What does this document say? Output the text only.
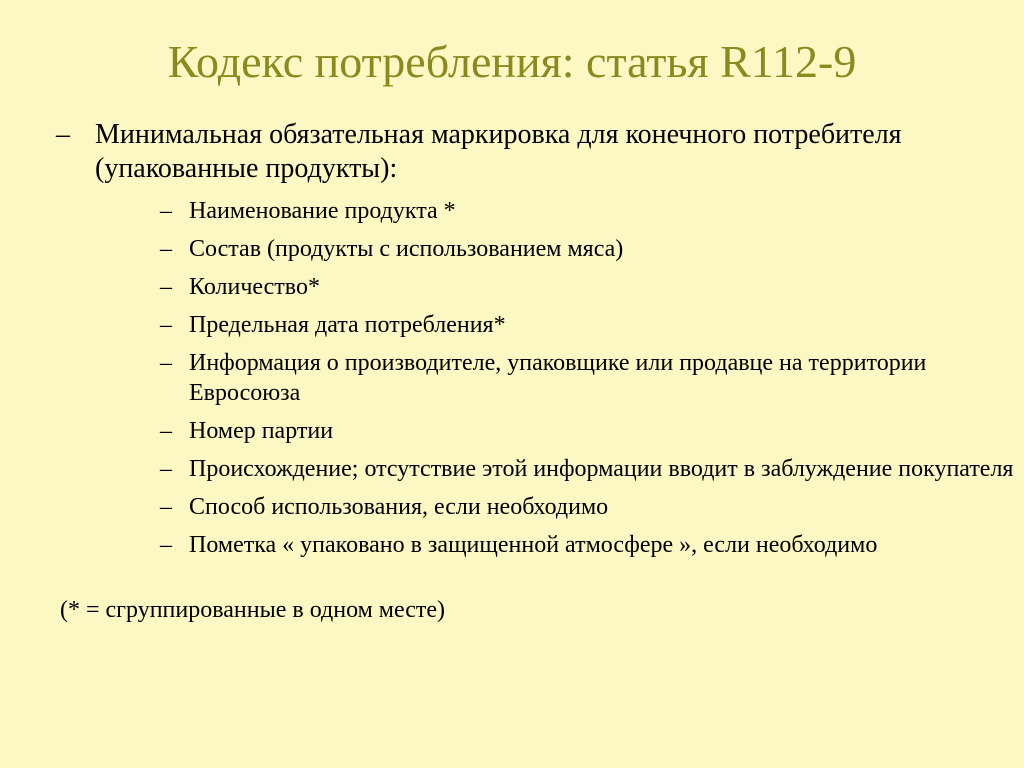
Кодекс потребления: статья R112-9
– Минимальная обязательная маркировка для конечного потребителя (упакованные продукты):
– Наименование продукта *
– Состав (продукты с использованием мяса)
– Количество*
– Предельная дата потребления*
– Информация о производителе, упаковщике или продавце на территории Евросоюза
– Номер партии
– Происхождение; отсутствие этой информации вводит в заблуждение покупателя
– Способ использования, если необходимо
– Пометка « упаковано в защищенной атмосфере », если необходимо
(* = сгруппированные в одном месте)
